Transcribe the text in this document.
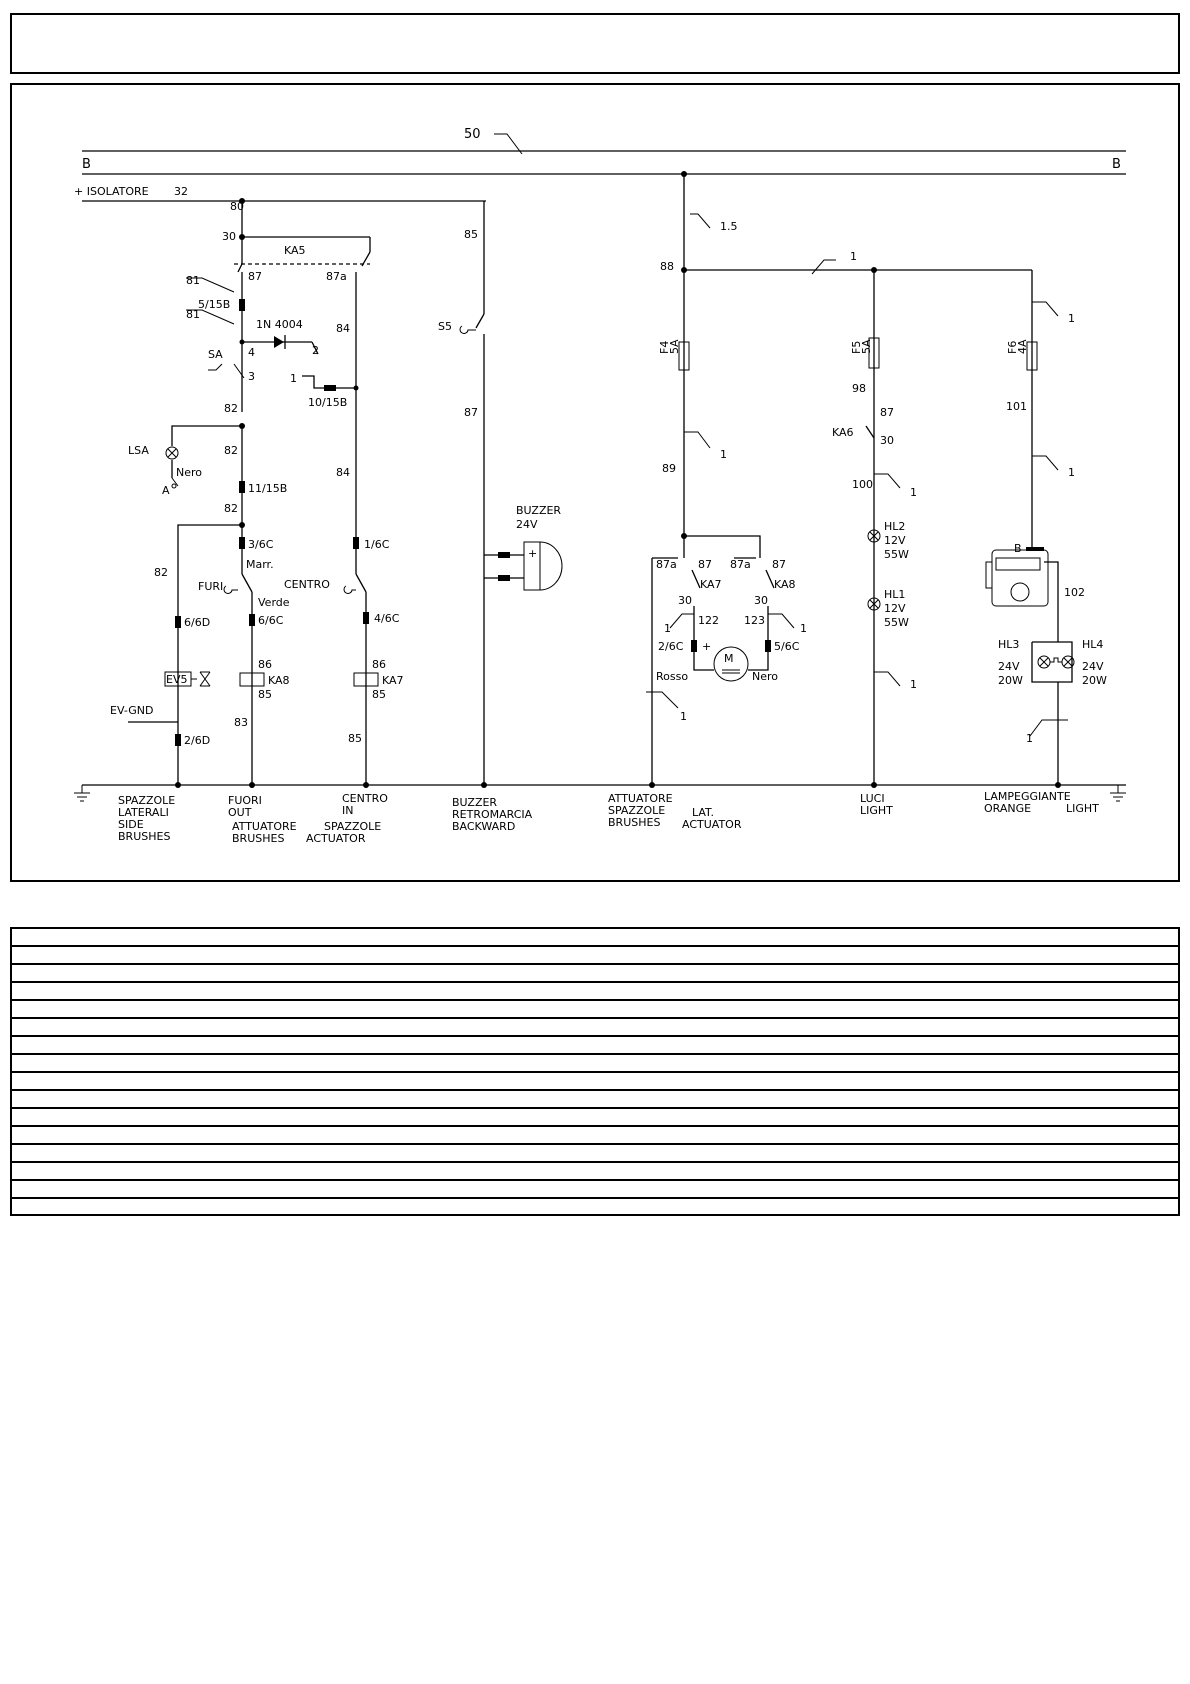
50
B	B
+ ISOLATORE 32
80
30
KA5
87	87a
81
5/15B
81
1N 4004
SA 4	2
3	1
10/15B
84
82
LSA
Nero
A
82
11/15B
82
3/6C
Marr.
FURI
Verde
6/6C
86
KA8
85
83
82
6/6D
EV5
EV-GND
2/6D
84
1/6C
CENTRO
4/6C
86
KA7
85
85
85
S5
87
+
BUZZER
24V
1.5
88
1
F4
5A
1
89
87a 87 87a 87
KA7	KA8
30	30
1
122 123
1
2/6C +	5/6C
M
Rosso	Nero
1
F5
5A
98
87
KA6
30
100
1
HL2
12V
55W
HL1
12V
55W
1
1
F6
4A
101
1
B
102
HL3
24V
20W
HL4
24V
20W
1
SPAZZOLE
LATERALI
SIDE
BRUSHES
FUORI
OUT
ATTUATORE
BRUSHES
CENTRO
IN
SPAZZOLE
ACTUATOR
BUZZER
RETROMARCIA
BACKWARD
ATTUATORE
SPAZZOLE
BRUSHES
LAT.
ACTUATOR
LUCI
LIGHT
LAMPEGGIANTE
ORANGE	LIGHT
